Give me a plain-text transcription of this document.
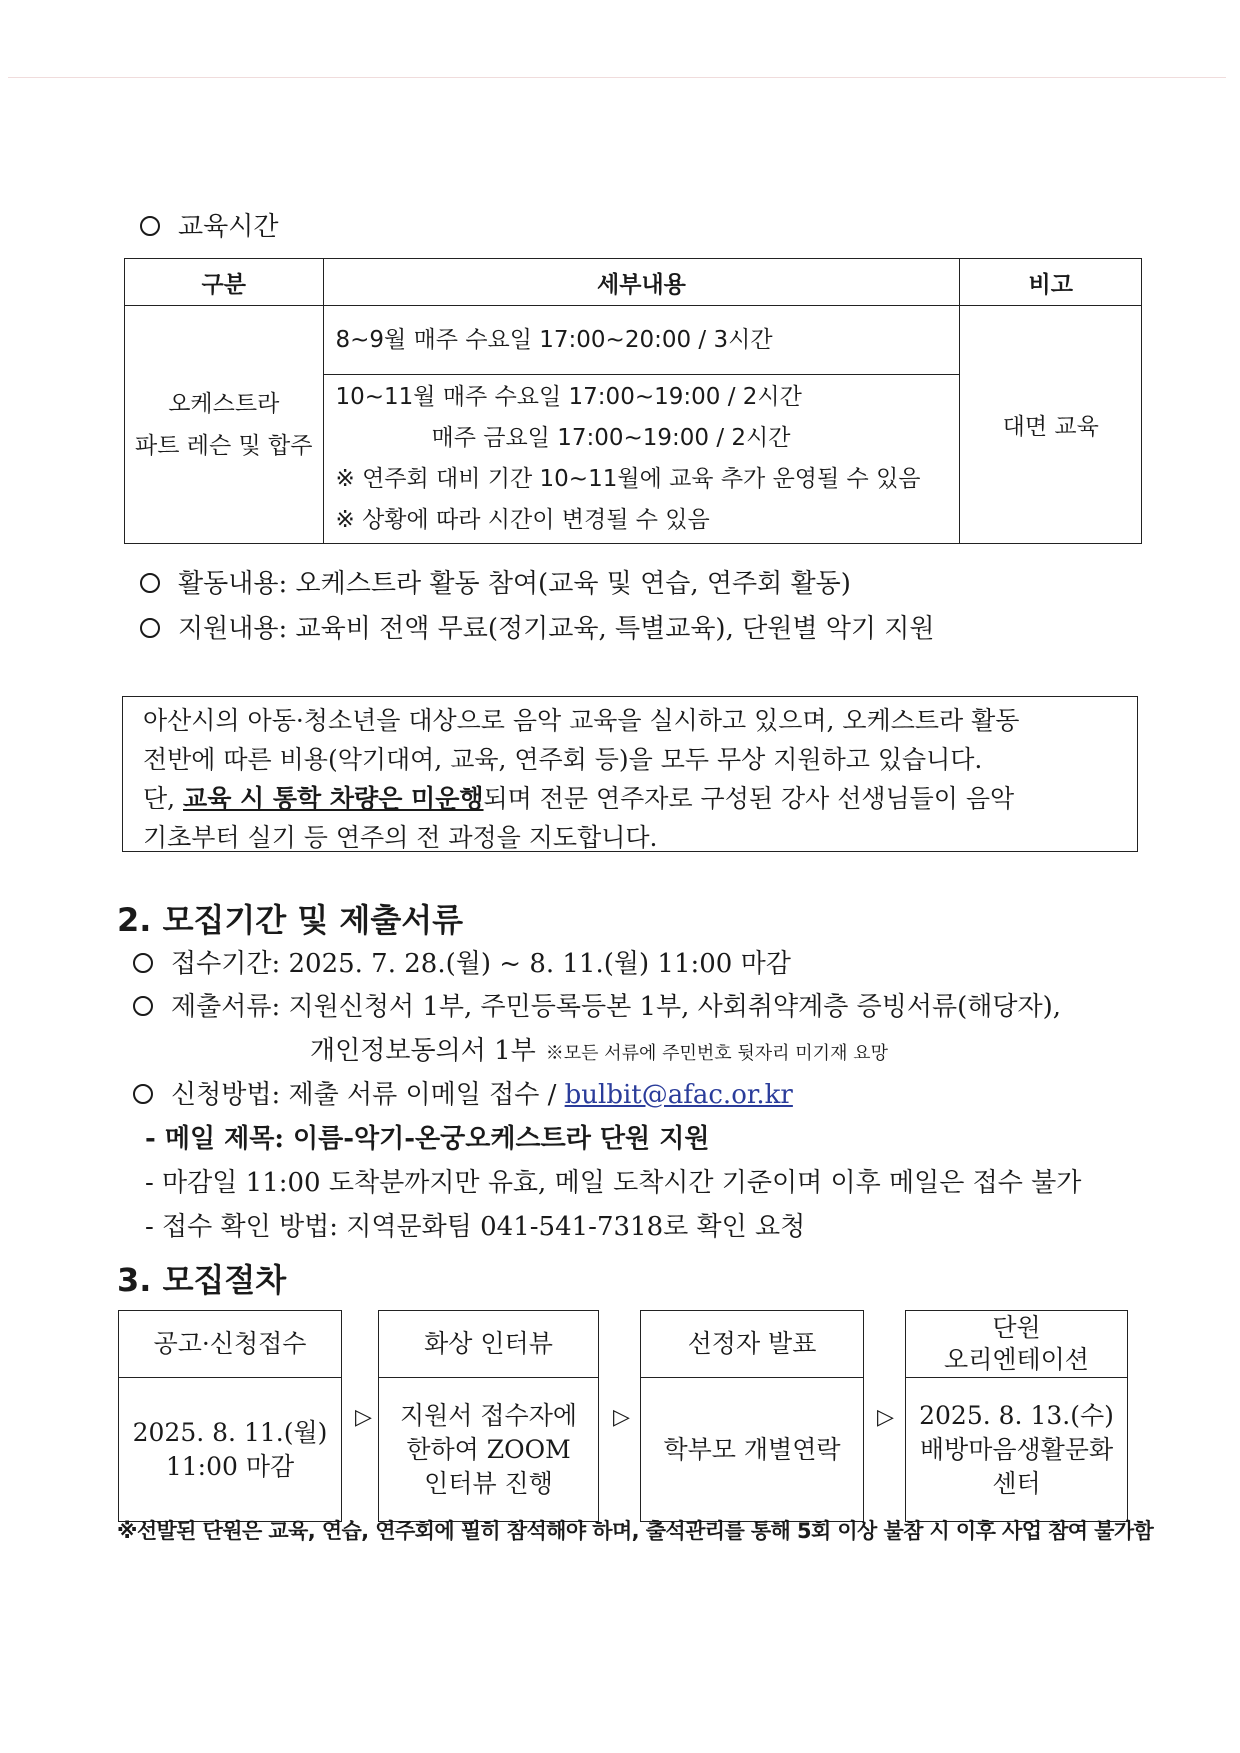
교육시간
구분	세부내용	비고

오케스트라
파트 레슨 및 합주	8~9월 매주 수요일 17:00~20:00 / 3시간	대면 교육

	10~11월 매주 수요일 17:00~19:00 / 2시간
매주 금요일 17:00~19:00 / 2시간
※ 연주회 대비 기간 10~11월에 교육 추가 운영될 수 있음
※ 상황에 따라 시간이 변경될 수 있음	
활동내용: 오케스트라 활동 참여(교육 및 연습, 연주회 활동)
지원내용: 교육비 전액 무료(정기교육, 특별교육), 단원별 악기 지원

아산시의 아동·청소년을 대상으로 음악 교육을 실시하고 있으며, 오케스트라 활동

전반에 따른 비용(악기대여, 교육, 연주회 등)을 모두 무상 지원하고 있습니다.

단, 교육 시 통학 차량은 미운행되며 전문 연주자로 구성된 강사 선생님들이 음악

기초부터 실기 등 연주의 전 과정을 지도합니다.

2. 모집기간 및 제출서류
접수기간: 2025. 7. 28.(월) ~ 8. 11.(월) 11:00 마감
제출서류: 지원신청서 1부, 주민등록등본 1부, 사회취약계층 증빙서류(해당자),
개인정보동의서 1부 ※모든 서류에 주민번호 뒷자리 미기재 요망
신청방법: 제출 서류 이메일 접수 / bulbit@afac.or.kr
- 메일 제목: 이름-악기-온궁오케스트라 단원 지원
- 마감일 11:00 도착분까지만 유효, 메일 도착시간 기준이며 이후 메일은 접수 불가
- 접수 확인 방법: 지역문화팀 041-541-7318로 확인 요청
3. 모집절차
공고·신청접수
2025. 8. 11.(월)
11:00 마감
▷
화상 인터뷰
지원서 접수자에
한하여 ZOOM
인터뷰 진행
▷
선정자 발표
학부모 개별연락
▷
단원
오리엔테이션
2025. 8. 13.(수)
배방마음생활문화
센터
※선발된 단원은 교육, 연습, 연주회에 필히 참석해야 하며, 출석관리를 통해 5회 이상 불참 시 이후 사업 참여 불가함
